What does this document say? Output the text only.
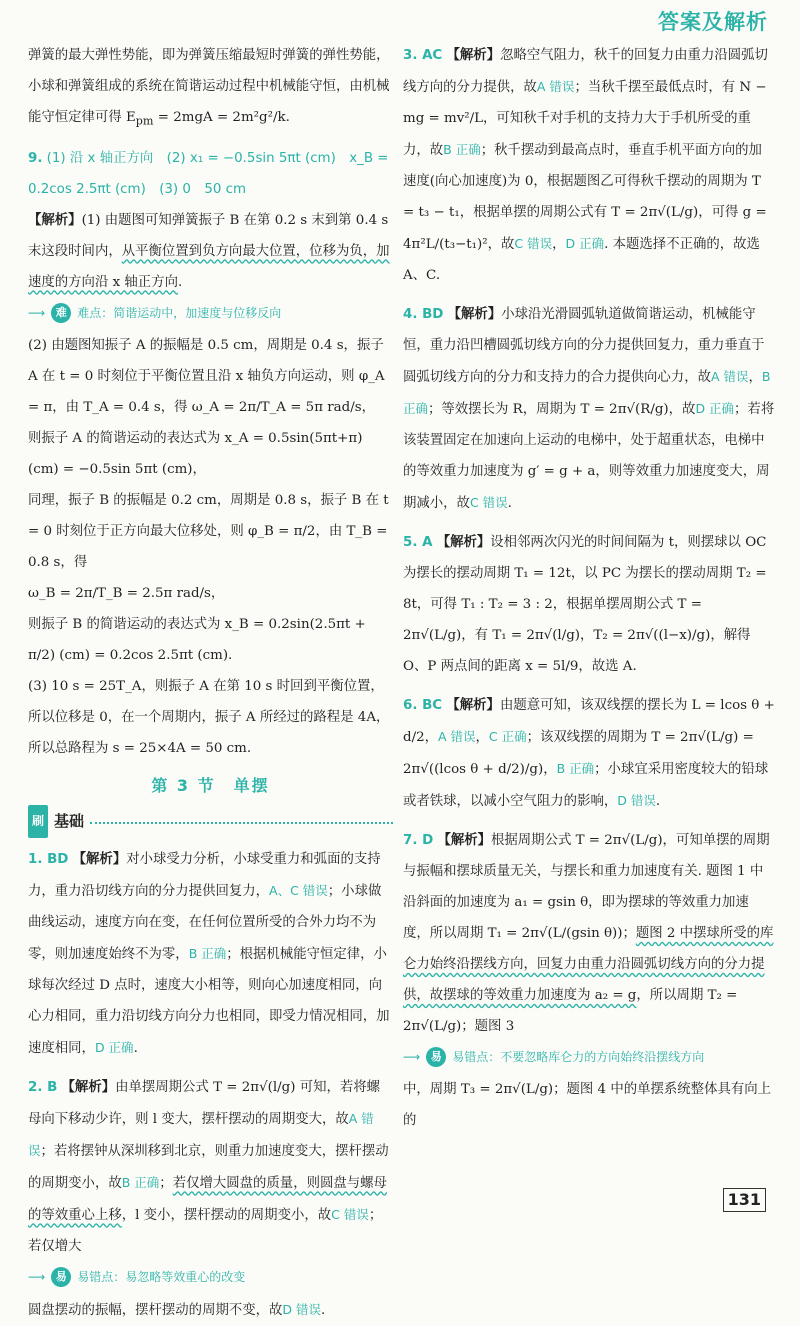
答案及解析

弹簧的最大弹性势能，即为弹簧压缩最短时弹簧的弹性势能，小球和弹簧组成的系统在简谐运动过程中机械能守恒，由机械能守恒定律可得 $E_{pm} = 2mgA = 2m^2g^2/k$.

9. (1) 沿 x 轴正方向　(2) x₁ = −0.5sin 5πt (cm)　x_B = 0.2cos 2.5πt (cm)　(3) 0　50 cm

【解析】(1) 由题图可知弹簧振子 B 在第 0.2 s 末到第 0.4 s 末这段时间内，从平衡位置到负方向最大位置，位移为负，加速度的方向沿 x 轴正方向.

⟶ 难 难点：简谐运动中，加速度与位移反向

(2) 由题图知振子 A 的振幅是 0.5 cm，周期是 0.4 s，振子 A 在 t = 0 时刻位于平衡位置且沿 x 轴负方向运动，则 φ_A = π，由 T_A = 0.4 s，得 ω_A = 2π/T_A = 5π rad/s，

则振子 A 的简谐运动的表达式为 x_A = 0.5sin(5πt+π) (cm) = −0.5sin 5πt (cm)，

同理，振子 B 的振幅是 0.2 cm，周期是 0.8 s，振子 B 在 t = 0 时刻位于正方向最大位移处，则 φ_B = π/2，由 T_B = 0.8 s，得

ω_B = 2π/T_B = 2.5π rad/s，

则振子 B 的简谐运动的表达式为 x_B = 0.2sin(2.5πt + π/2) (cm) = 0.2cos 2.5πt (cm).

(3) 10 s = 25T_A，则振子 A 在第 10 s 时回到平衡位置，所以位移是 0，在一个周期内，振子 A 所经过的路程是 4A，所以总路程为 s = 25×4A = 50 cm.

第 3 节　单摆
刷 基础

1. BD 【解析】对小球受力分析，小球受重力和弧面的支持力，重力沿切线方向的分力提供回复力，A、C 错误；小球做曲线运动，速度方向在变，在任何位置所受的合外力均不为零，则加速度始终不为零，B 正确；根据机械能守恒定律，小球每次经过 D 点时，速度大小相等，则向心加速度相同，向心力相同，重力沿切线方向分力也相同，即受力情况相同，加速度相同，D 正确.

2. B 【解析】由单摆周期公式 T = 2π√(l/g) 可知，若将螺母向下移动少许，则 l 变大，摆杆摆动的周期变大，故A 错误；若将摆钟从深圳移到北京，则重力加速度变大，摆杆摆动的周期变小，故B 正确；若仅增大圆盘的质量，则圆盘与螺母的等效重心上移，l 变小，摆杆摆动的周期变小，故C 错误；若仅增大

⟶ 易 易错点：易忽略等效重心的改变

圆盘摆动的振幅，摆杆摆动的周期不变，故D 错误.

3. AC 【解析】忽略空气阻力，秋千的回复力由重力沿圆弧切线方向的分力提供，故A 错误；当秋千摆至最低点时，有 N − mg = mv²/L，可知秋千对手机的支持力大于手机所受的重力，故B 正确；秋千摆动到最高点时，垂直手机平面方向的加速度(向心加速度)为 0，根据题图乙可得秋千摆动的周期为 T = t₃ − t₁，根据单摆的周期公式有 T = 2π√(L/g)，可得 g = 4π²L/(t₃−t₁)²，故C 错误，D 正确. 本题选择不正确的，故选 A、C.

4. BD 【解析】小球沿光滑圆弧轨道做简谐运动，机械能守恒，重力沿凹槽圆弧切线方向的分力提供回复力，重力垂直于圆弧切线方向的分力和支持力的合力提供向心力，故A 错误，B 正确；等效摆长为 R，周期为 T = 2π√(R/g)，故D 正确；若将该装置固定在加速向上运动的电梯中，处于超重状态，电梯中的等效重力加速度为 g′ = g + a，则等效重力加速度变大，周期减小，故C 错误.

5. A 【解析】设相邻两次闪光的时间间隔为 t，则摆球以 OC 为摆长的摆动周期 T₁ = 12t，以 PC 为摆长的摆动周期 T₂ = 8t，可得 T₁ : T₂ = 3 : 2，根据单摆周期公式 T = 2π√(L/g)，有 T₁ = 2π√(l/g)，T₂ = 2π√((l−x)/g)，解得 O、P 两点间的距离 x = 5l/9，故选 A.

6. BC 【解析】由题意可知，该双线摆的摆长为 L = lcos θ + d/2，A 错误，C 正确；该双线摆的周期为 T = 2π√(L/g) = 2π√((lcos θ + d/2)/g)，B 正确；小球宜采用密度较大的铅球或者铁球，以减小空气阻力的影响，D 错误.

7. D 【解析】根据周期公式 T = 2π√(L/g)，可知单摆的周期与振幅和摆球质量无关，与摆长和重力加速度有关. 题图 1 中沿斜面的加速度为 a₁ = gsin θ，即为摆球的等效重力加速度，所以周期 T₁ = 2π√(L/(gsin θ))；题图 2 中摆球所受的库仑力始终沿摆线方向，回复力由重力沿圆弧切线方向的分力提供，故摆球的等效重力加速度为 a₂ = g，所以周期 T₂ = 2π√(L/g)；题图 3

⟶ 易 易错点：不要忽略库仑力的方向始终沿摆线方向

中，周期 T₃ = 2π√(L/g)；题图 4 中的单摆系统整体具有向上的

131
